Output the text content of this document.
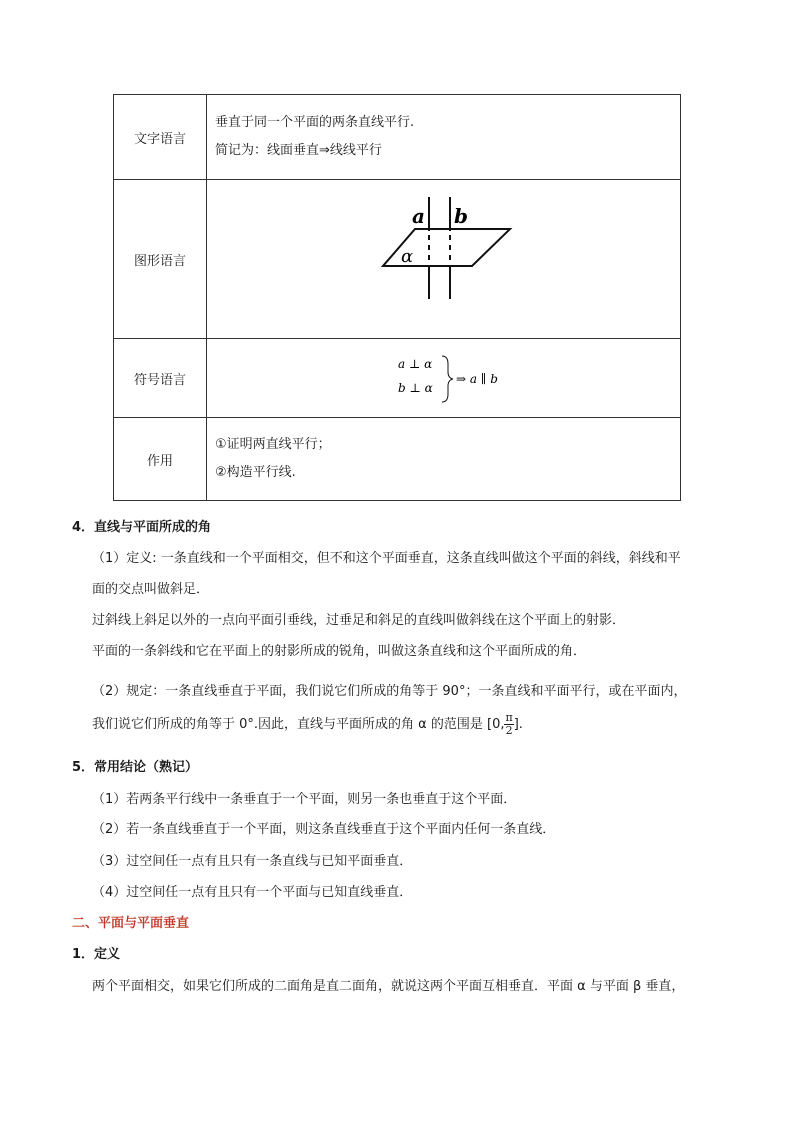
文字语言	垂直于同一个平面的两条直线平行.
简记为：线面垂直⇒线线平行

图形语言	a b
α

符号语言	a ⊥ α
b ⊥ α
⇒ a ∥ b

作用	①证明两直线平行；
②构造平行线.
4．直线与平面所成的角
（1）定义: 一条直线和一个平面相交，但不和这个平面垂直，这条直线叫做这个平面的斜线，斜线和平
面的交点叫做斜足．
过斜线上斜足以外的一点向平面引垂线，过垂足和斜足的直线叫做斜线在这个平面上的射影．
平面的一条斜线和它在平面上的射影所成的锐角，叫做这条直线和这个平面所成的角．
（2）规定：一条直线垂直于平面，我们说它们所成的角等于 90°；一条直线和平面平行，或在平面内，
我们说它们所成的角等于 0°.因此，直线与平面所成的角 α 的范围是 [0, $\frac{\pi}{2}$ ].
5．常用结论（熟记）
（1）若两条平行线中一条垂直于一个平面，则另一条也垂直于这个平面．
（2）若一条直线垂直于一个平面，则这条直线垂直于这个平面内任何一条直线．
（3）过空间任一点有且只有一条直线与已知平面垂直．
（4）过空间任一点有且只有一个平面与已知直线垂直．
二、平面与平面垂直
1．定义
两个平面相交，如果它们所成的二面角是直二面角，就说这两个平面互相垂直．平面 α 与平面 β 垂直，
